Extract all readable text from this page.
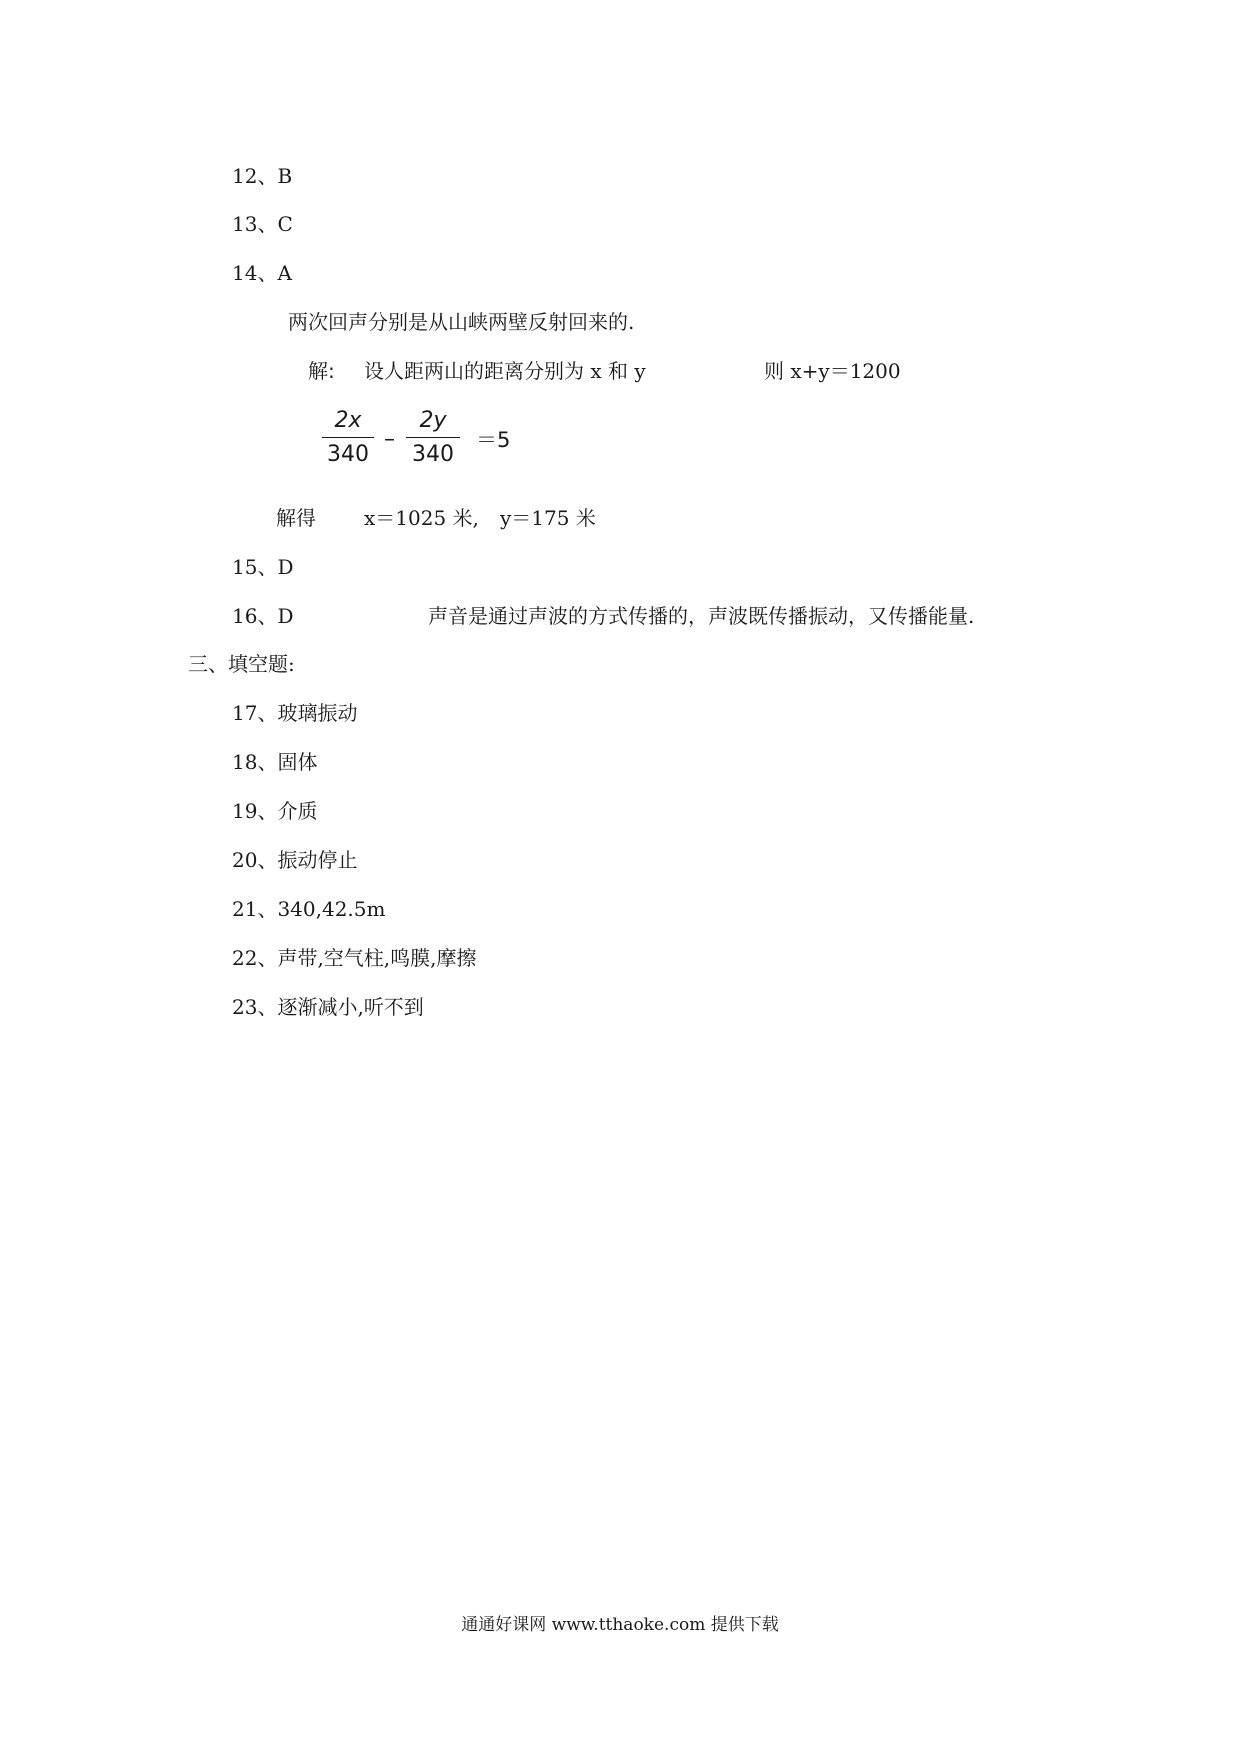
12、B
13、C
14、A
两次回声分别是从山峡两壁反射回来的.
解: 设人距两山的距离分别为 x 和 y	则 x+y＝1200
2x
340
–
2y
340
＝5
解得 x＝1025 米, y＝175 米
15、D
16、D	声音是通过声波的方式传播的，声波既传播振动，又传播能量.
三、填空题:
17、玻璃振动
18、固体
19、介质
20、振动停止
21、340,42.5m
22、声带,空气柱,鸣膜,摩擦
23、逐渐减小,听不到
通通好课网 www.tthaoke.com 提供下载
